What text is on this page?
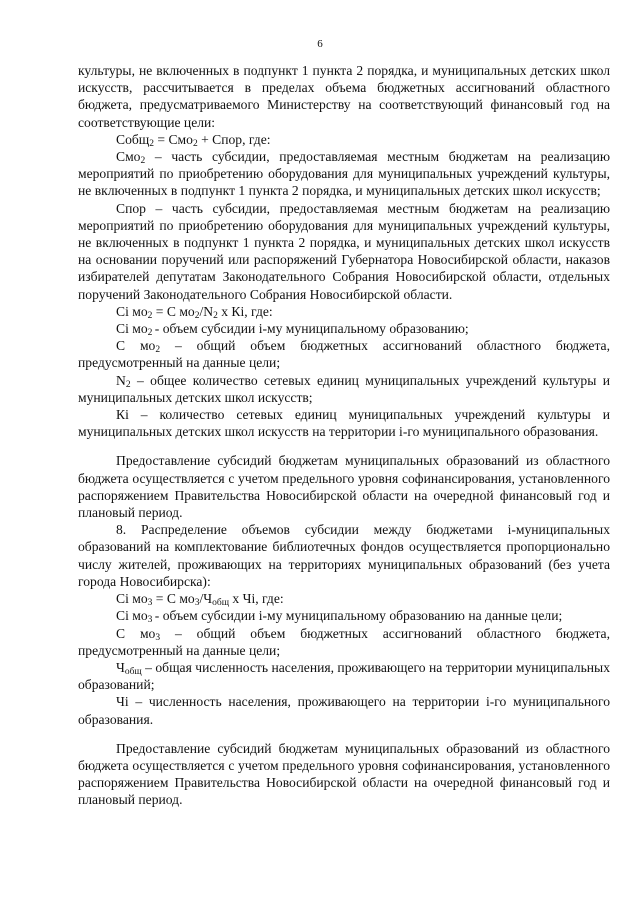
6

культуры, не включенных в подпункт 1 пункта 2 порядка, и муниципальных детских школ искусств, рассчитывается в пределах объема бюджетных ассигнований областного бюджета, предусматриваемого Министерству на соответствующий финансовый год на соответствующие цели:

Собщ$_2$ = Смо$_2$ + Спор, где:

Смо$_2$ – часть субсидии, предоставляемая местным бюджетам на реализацию мероприятий по приобретению оборудования для муниципальных учреждений культуры, не включенных в подпункт 1 пункта 2 порядка, и муниципальных детских школ искусств;

Спор – часть субсидии, предоставляемая местным бюджетам на реализацию мероприятий по приобретению оборудования для муниципальных учреждений культуры, не включенных в подпункт 1 пункта 2 порядка, и муниципальных детских школ искусств на основании поручений или распоряжений Губернатора Новосибирской области, наказов избирателей депутатам Законодательного Собрания Новосибирской области, отдельных поручений Законодательного Собрания Новосибирской области.

Сi $мо_2 = С$ $мо_2/N_2$ х Кi, где:

Сi $мо_2$ - объем субсидии i-му муниципальному образованию;

С $мо_2$ – общий объем бюджетных ассигнований областного бюджета, предусмотренный на данные цели;

$N_2$ – общее количество сетевых единиц муниципальных учреждений культуры и муниципальных детских школ искусств;

Кi – количество сетевых единиц муниципальных учреждений культуры и муниципальных детских школ искусств на территории i-го муниципального образования.

Предоставление субсидий бюджетам муниципальных образований из областного бюджета осуществляется с учетом предельного уровня софинансирования, установленного распоряжением Правительства Новосибирской области на очередной финансовый год и плановый период.

8. Распределение объемов субсидии между бюджетами i-муниципальных образований на комплектование библиотечных фондов осуществляется пропорционально числу жителей, проживающих на территориях муниципальных образований (без учета города Новосибирска):

Сi $мо_3 = С$ $мо_3/Ч_{общ}$ х Чi, где:

Сi $мо_3$ - объем субсидии i-му муниципальному образованию на данные цели;

С $мо_3$ – общий объем бюджетных ассигнований областного бюджета, предусмотренный на данные цели;

$Ч_{общ}$ – общая численность населения, проживающего на территории муниципальных образований;

Чi – численность населения, проживающего на территории i-го муниципального образования.

Предоставление субсидий бюджетам муниципальных образований из областного бюджета осуществляется с учетом предельного уровня софинансирования, установленного распоряжением Правительства Новосибирской области на очередной финансовый год и плановый период.
